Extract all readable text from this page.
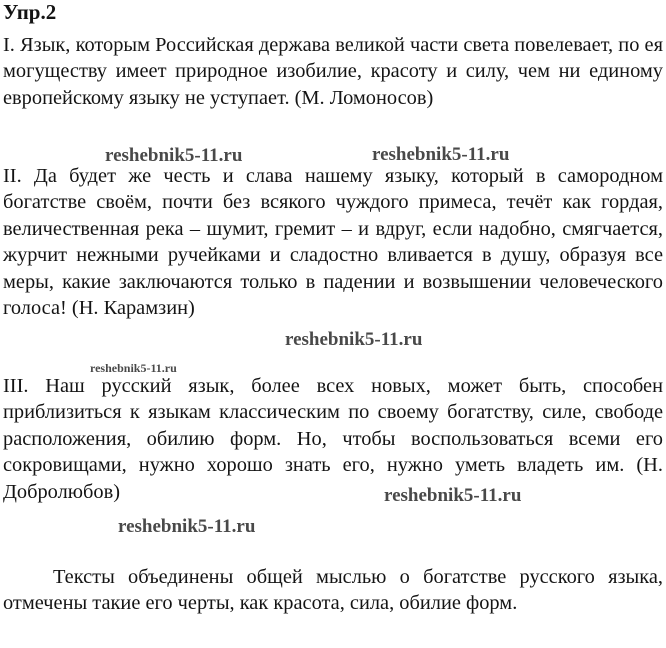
Упр.2

I. Язык, которым Российская держава великой части света повелевает, по ея могуществу имеет природное изобилие, красоту и силу, чем ни единому европейскому языку не уступает. (М. Ломоносов)

II. Да будет же честь и слава нашему языку, который в самородном богатстве своём, почти без всякого чуждого примеса, течёт как гордая, величественная река – шумит, гремит – и вдруг, если надобно, смягчается, журчит нежными ручейками и сладостно вливается в душу, образуя все меры, какие заключаются только в падении и возвышении человеческого голоса! (Н. Карамзин)

III. Наш русский язык, более всех новых, может быть, способен приблизиться к языкам классическим по своему богатству, силе, свободе расположения, обилию форм. Но, чтобы воспользоваться всеми его сокровищами, нужно хорошо знать его, нужно уметь владеть им. (Н. Добролюбов)

Тексты объединены общей мыслью о богатстве русского языка, отмечены такие его черты, как красота, сила, обилие форм.

reshebnik5-11.ru	reshebnik5-11.ru
reshebnik5-11.ru
reshebnik5-11.ru
reshebnik5-11.ru
reshebnik5-11.ru
